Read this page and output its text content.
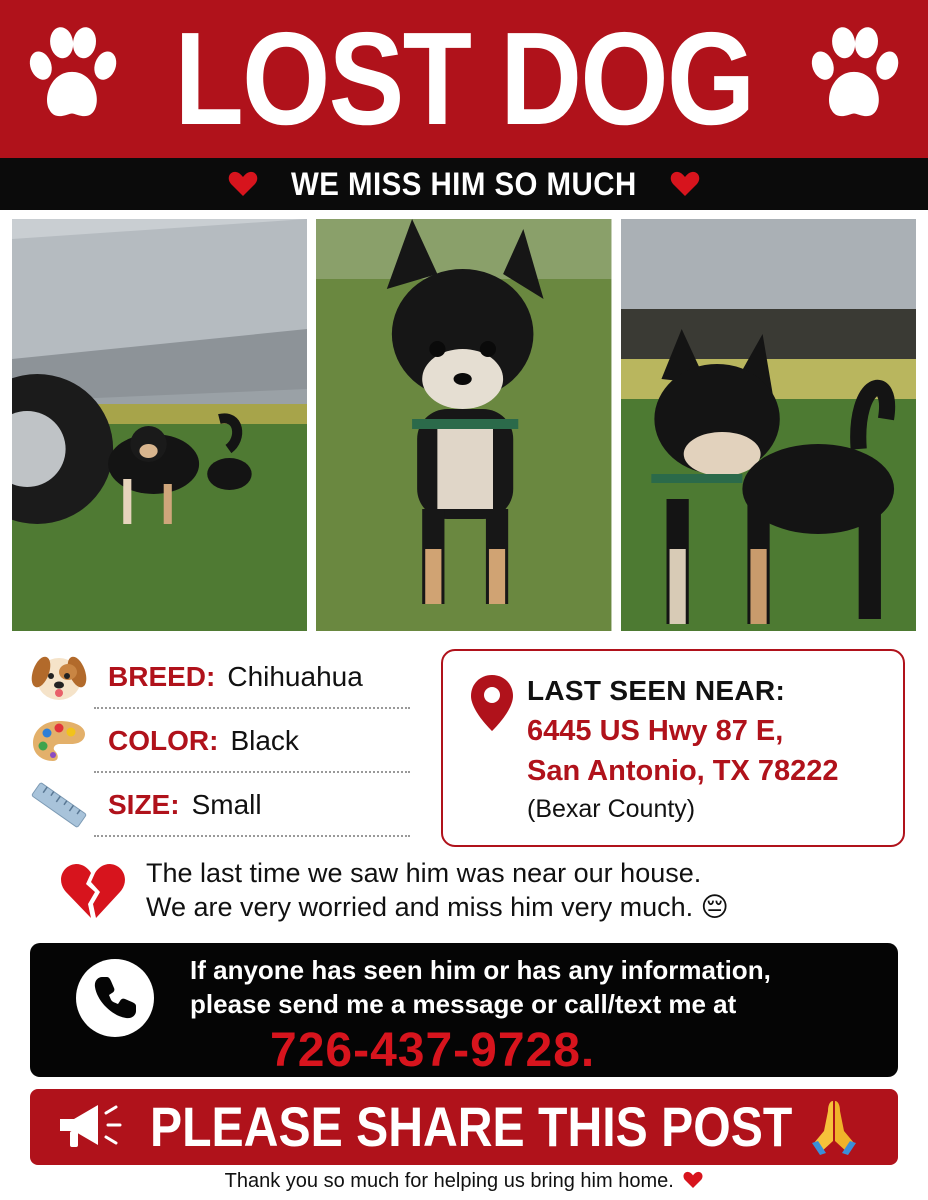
LOST DOG
WE MISS HIM SO MUCH
BREED: Chihuahua
COLOR: Black
SIZE: Small
LAST SEEN NEAR:
6445 US Hwy 87 E,
San Antonio, TX 78222
(Bexar County)
The last time we saw him was near our house.
We are very worried and miss him very much. 😔
If anyone has seen him or has any information,
please send me a message or call/text me at
726-437-9728.
PLEASE SHARE THIS POST
Thank you so much for helping us bring him home.
